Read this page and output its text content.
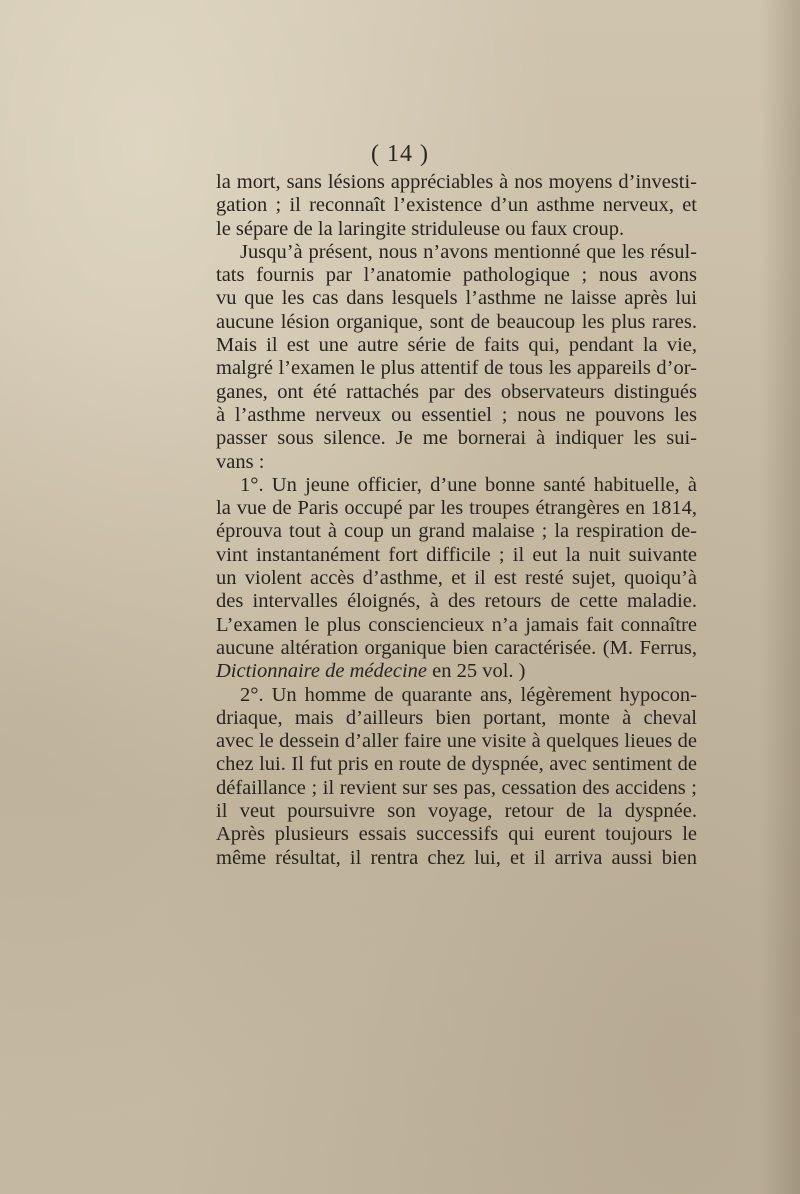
( 14 )
la mort, sans lésions appréciables à nos moyens d’investi-
gation ; il reconnaît l’existence d’un asthme nerveux, et
le sépare de la laringite striduleuse ou faux croup.
Jusqu’à présent, nous n’avons mentionné que les résul-
tats fournis par l’anatomie pathologique ; nous avons
vu que les cas dans lesquels l’asthme ne laisse après lui
aucune lésion organique, sont de beaucoup les plus rares.
Mais il est une autre série de faits qui, pendant la vie,
malgré l’examen le plus attentif de tous les appareils d’or-
ganes, ont été rattachés par des observateurs distingués
à l’asthme nerveux ou essentiel ; nous ne pouvons les
passer sous silence. Je me bornerai à indiquer les sui-
vans :
1°. Un jeune officier, d’une bonne santé habituelle, à
la vue de Paris occupé par les troupes étrangères en 1814,
éprouva tout à coup un grand malaise ; la respiration de-
vint instantanément fort difficile ; il eut la nuit suivante
un violent accès d’asthme, et il est resté sujet, quoiqu’à
des intervalles éloignés, à des retours de cette maladie.
L’examen le plus consciencieux n’a jamais fait connaître
aucune altération organique bien caractérisée. (M. Ferrus,
Dictionnaire de médecine en 25 vol. )
2°. Un homme de quarante ans, légèrement hypocon-
driaque, mais d’ailleurs bien portant, monte à cheval
avec le dessein d’aller faire une visite à quelques lieues de
chez lui. Il fut pris en route de dyspnée, avec sentiment de
défaillance ; il revient sur ses pas, cessation des accidens ;
il veut poursuivre son voyage, retour de la dyspnée.
Après plusieurs essais successifs qui eurent toujours le
même résultat, il rentra chez lui, et il arriva aussi bien
